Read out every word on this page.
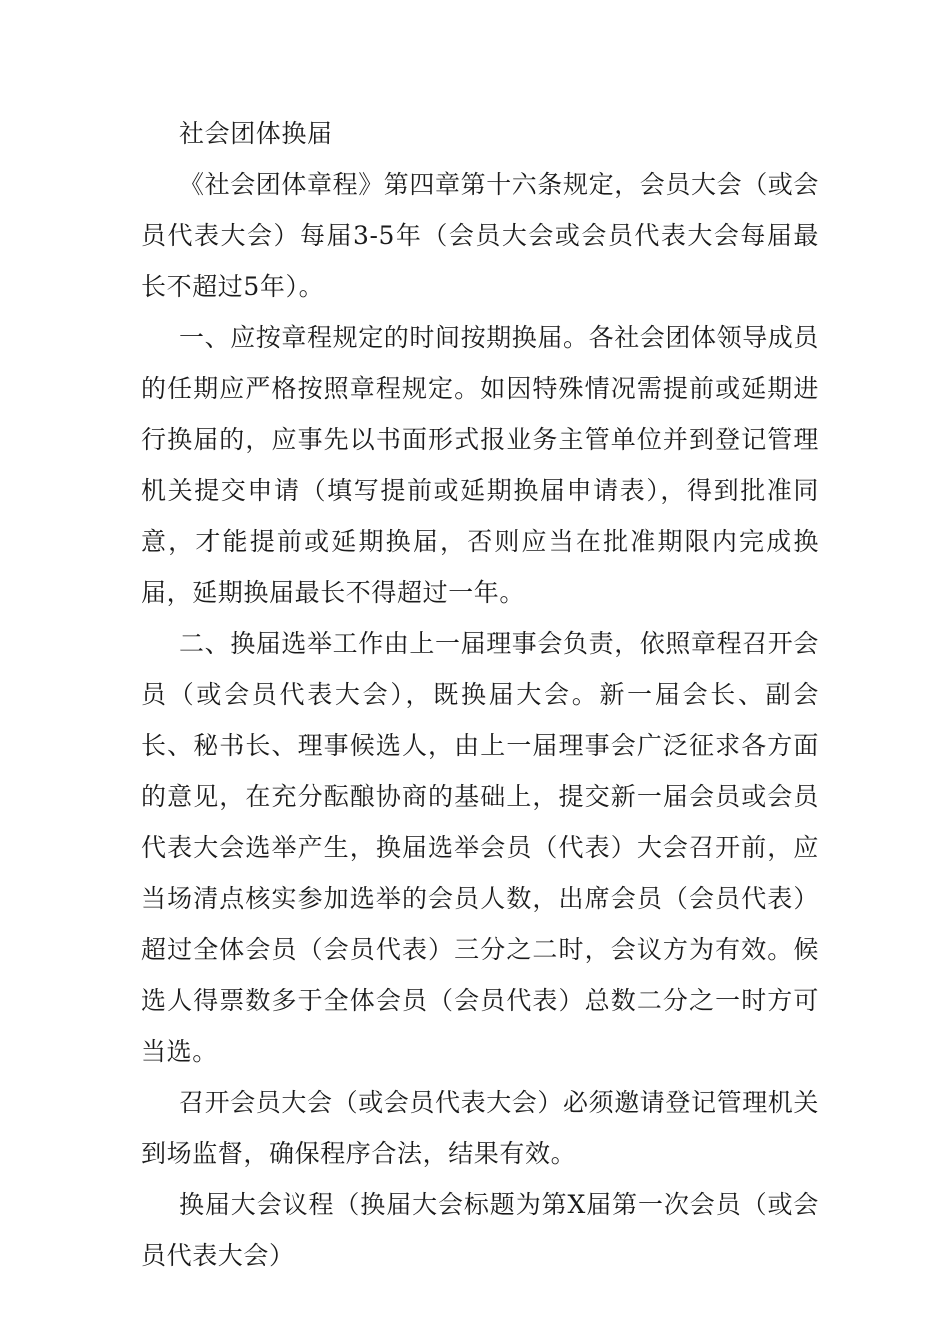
社会团体换届

《社会团体章程》第四章第十六条规定，会员大会（或会员代表大会）每届3-5年（会员大会或会员代表大会每届最长不超过5年）。

一、应按章程规定的时间按期换届。各社会团体领导成员的任期应严格按照章程规定。如因特殊情况需提前或延期进行换届的，应事先以书面形式报业务主管单位并到登记管理机关提交申请（填写提前或延期换届申请表），得到批准同意，才能提前或延期换届，否则应当在批准期限内完成换届，延期换届最长不得超过一年。

二、换届选举工作由上一届理事会负责，依照章程召开会员（或会员代表大会），既换届大会。新一届会长、副会长、秘书长、理事候选人，由上一届理事会广泛征求各方面的意见，在充分酝酿协商的基础上，提交新一届会员或会员代表大会选举产生，换届选举会员（代表）大会召开前，应当场清点核实参加选举的会员人数，出席会员（会员代表）超过全体会员（会员代表）三分之二时，会议方为有效。候选人得票数多于全体会员（会员代表）总数二分之一时方可当选。

召开会员大会（或会员代表大会）必须邀请登记管理机关到场监督，确保程序合法，结果有效。

换届大会议程（换届大会标题为第X届第一次会员（或会员代表大会）
